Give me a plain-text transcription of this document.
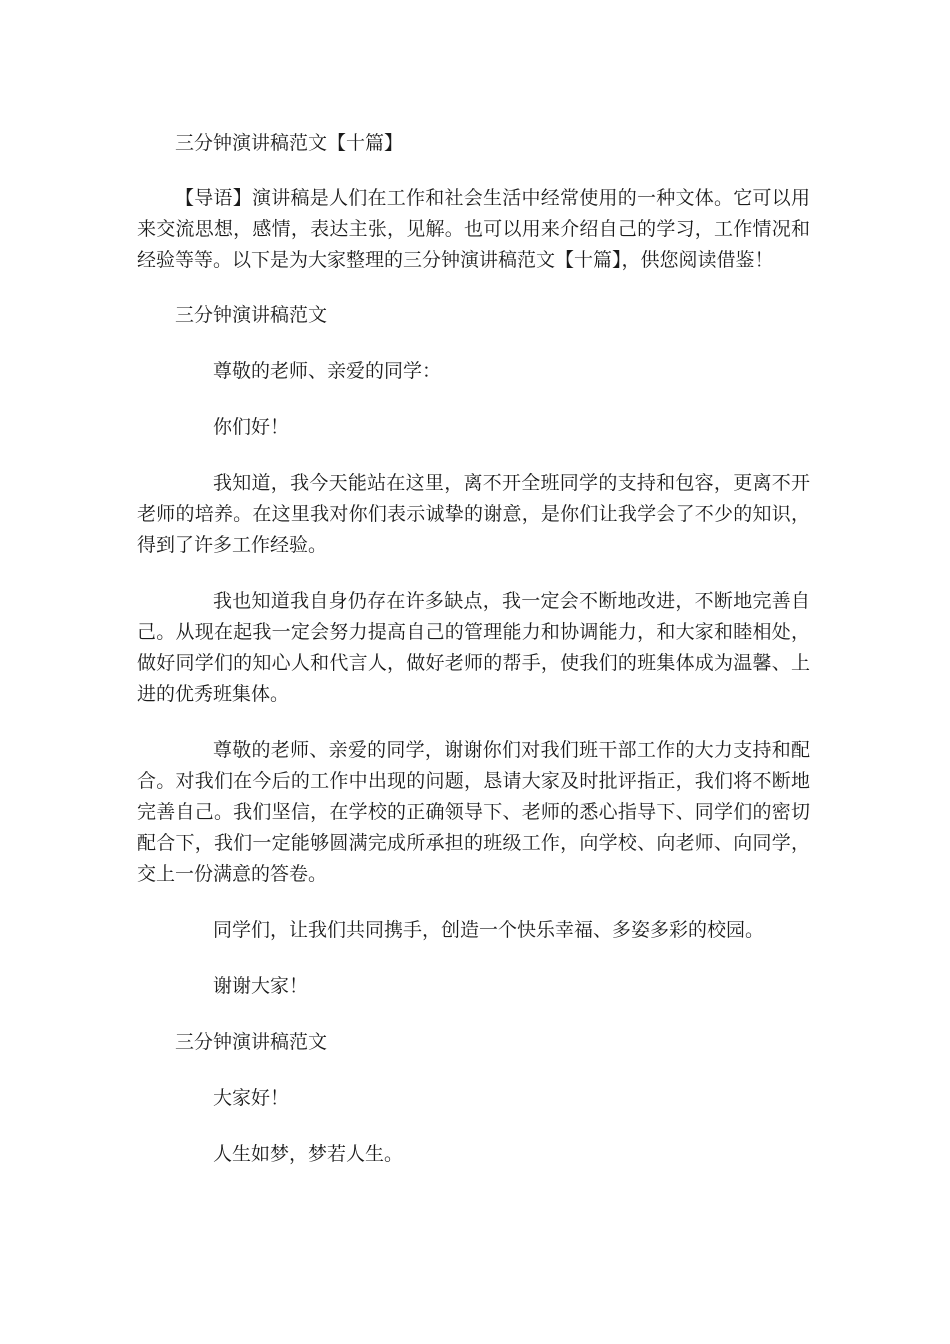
三分钟演讲稿范文【十篇】

【导语】演讲稿是人们在工作和社会生活中经常使用的一种文体。它可以用来交流思想，感情，表达主张，见解。也可以用来介绍自己的学习，工作情况和经验等等。以下是为大家整理的三分钟演讲稿范文【十篇】，供您阅读借鉴！

三分钟演讲稿范文

尊敬的老师、亲爱的同学：

你们好！

我知道，我今天能站在这里，离不开全班同学的支持和包容，更离不开老师的培养。在这里我对你们表示诚挚的谢意，是你们让我学会了不少的知识，得到了许多工作经验。

我也知道我自身仍存在许多缺点，我一定会不断地改进，不断地完善自己。从现在起我一定会努力提高自己的管理能力和协调能力，和大家和睦相处，做好同学们的知心人和代言人，做好老师的帮手，使我们的班集体成为温馨、上进的优秀班集体。

尊敬的老师、亲爱的同学，谢谢你们对我们班干部工作的大力支持和配合。对我们在今后的工作中出现的问题，恳请大家及时批评指正，我们将不断地完善自己。我们坚信，在学校的正确领导下、老师的悉心指导下、同学们的密切配合下，我们一定能够圆满完成所承担的班级工作，向学校、向老师、向同学，交上一份满意的答卷。

同学们，让我们共同携手，创造一个快乐幸福、多姿多彩的校园。

谢谢大家！

三分钟演讲稿范文

大家好！

人生如梦，梦若人生。
